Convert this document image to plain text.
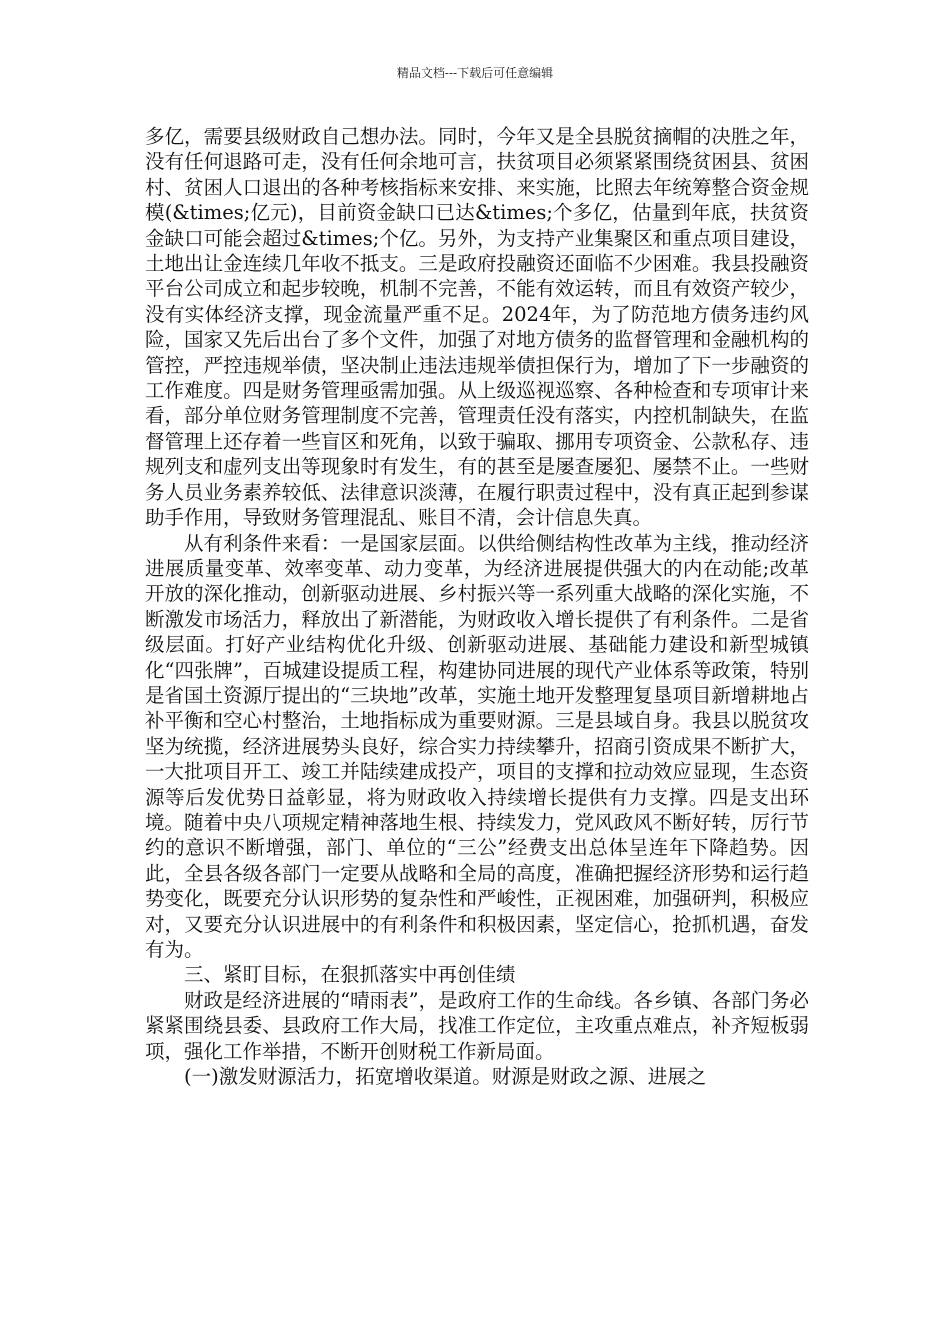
精品文档---下载后可任意编辑

多亿，需要县级财政自己想办法。同时，今年又是全县脱贫摘帽的决胜之年，没有任何退路可走，没有任何余地可言，扶贫项目必须紧紧围绕贫困县、贫困村、贫困人口退出的各种考核指标来安排、来实施，比照去年统筹整合资金规模(&times;亿元)，目前资金缺口已达&times;个多亿，估量到年底，扶贫资金缺口可能会超过&times;个亿。另外，为支持产业集聚区和重点项目建设，土地出让金连续几年收不抵支。三是政府投融资还面临不少困难。我县投融资平台公司成立和起步较晚，机制不完善，不能有效运转，而且有效资产较少，没有实体经济支撑，现金流量严重不足。2024年，为了防范地方债务违约风险，国家又先后出台了多个文件，加强了对地方债务的监督管理和金融机构的管控，严控违规举债，坚决制止违法违规举债担保行为，增加了下一步融资的工作难度。四是财务管理亟需加强。从上级巡视巡察、各种检查和专项审计来看，部分单位财务管理制度不完善，管理责任没有落实，内控机制缺失，在监督管理上还存着一些盲区和死角，以致于骗取、挪用专项资金、公款私存、违规列支和虚列支出等现象时有发生，有的甚至是屡查屡犯、屡禁不止。一些财务人员业务素养较低、法律意识淡薄，在履行职责过程中，没有真正起到参谋助手作用，导致财务管理混乱、账目不清，会计信息失真。

从有利条件来看：一是国家层面。以供给侧结构性改革为主线，推动经济进展质量变革、效率变革、动力变革，为经济进展提供强大的内在动能;改革开放的深化推动，创新驱动进展、乡村振兴等一系列重大战略的深化实施，不断激发市场活力，释放出了新潜能，为财政收入增长提供了有利条件。二是省级层面。打好产业结构优化升级、创新驱动进展、基础能力建设和新型城镇化“四张牌”，百城建设提质工程，构建协同进展的现代产业体系等政策，特别是省国土资源厅提出的“三块地”改革，实施土地开发整理复垦项目新增耕地占补平衡和空心村整治，土地指标成为重要财源。三是县域自身。我县以脱贫攻坚为统揽，经济进展势头良好，综合实力持续攀升，招商引资成果不断扩大，一大批项目开工、竣工并陆续建成投产，项目的支撑和拉动效应显现，生态资源等后发优势日益彰显，将为财政收入持续增长提供有力支撑。四是支出环境。随着中央八项规定精神落地生根、持续发力，党风政风不断好转，厉行节约的意识不断增强，部门、单位的“三公”经费支出总体呈连年下降趋势。因此，全县各级各部门一定要从战略和全局的高度，准确把握经济形势和运行趋势变化，既要充分认识形势的复杂性和严峻性，正视困难，加强研判，积极应对，又要充分认识进展中的有利条件和积极因素，坚定信心，抢抓机遇，奋发有为。

三、紧盯目标，在狠抓落实中再创佳绩

财政是经济进展的“晴雨表”，是政府工作的生命线。各乡镇、各部门务必紧紧围绕县委、县政府工作大局，找准工作定位，主攻重点难点，补齐短板弱项，强化工作举措，不断开创财税工作新局面。

(一)激发财源活力，拓宽增收渠道。财源是财政之源、进展之
